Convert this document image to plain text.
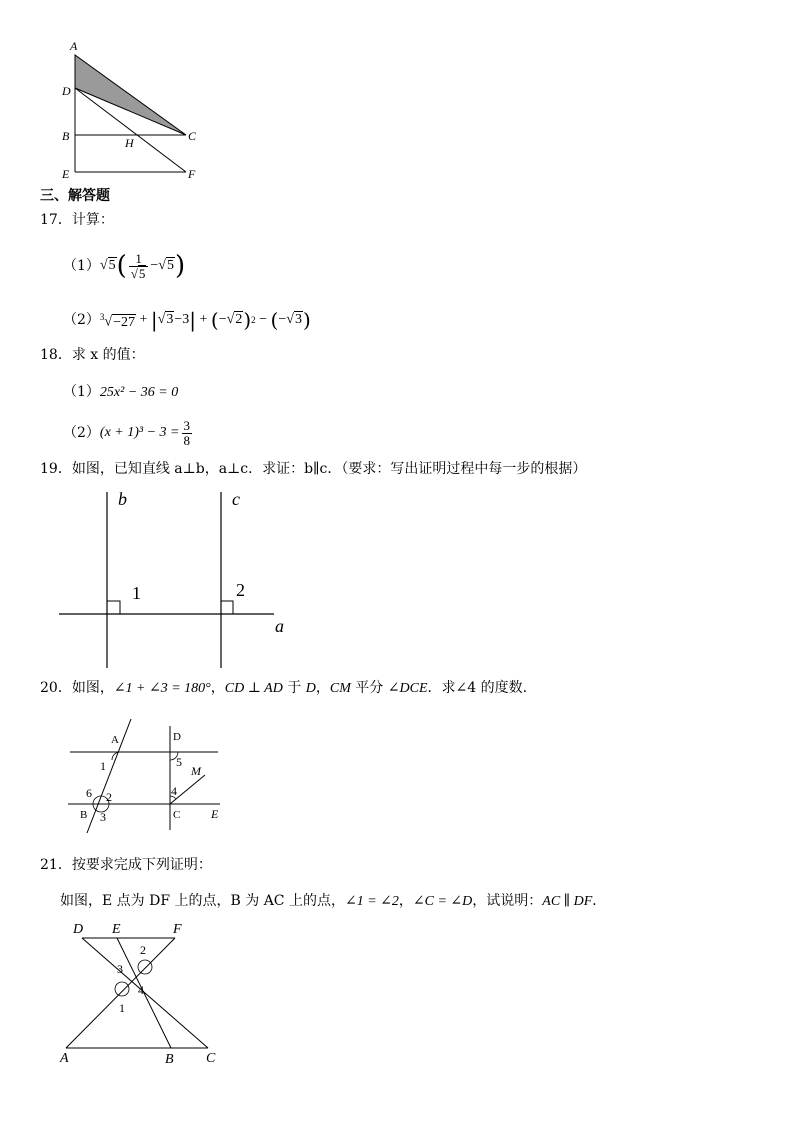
A
D
B	H	C
E	F
三、解答题
17．计算：
（1） √5 ( $\frac{1}{√5} -√5$ )
（2） $^3$√−27 + | √3 −3 | + ( −√2 ) 2 − ( −√3 )
18．求 x 的值：
（1）25x² − 36 = 0
（2） $(x + 1)^3 - 3 = \frac{3}{8}$
19．如图，已知直线 a⊥b，a⊥c．求证：b∥c．（要求：写出证明过程中每一步的根据）
b	c
1	2
a
20．如图，∠1 + ∠3 = 180°，CD ⊥ AD 于 D，CM 平分 ∠DCE．求∠4 的度数.
A	D
1	5
M
6 2	4
B 3	C	E
21．按要求完成下列证明：
如图，E 点为 DF 上的点，B 为 AC 上的点，∠1 = ∠2，∠C = ∠D，试说明：AC ∥ DF．
D E	F
2
3
4
1
A	B C
